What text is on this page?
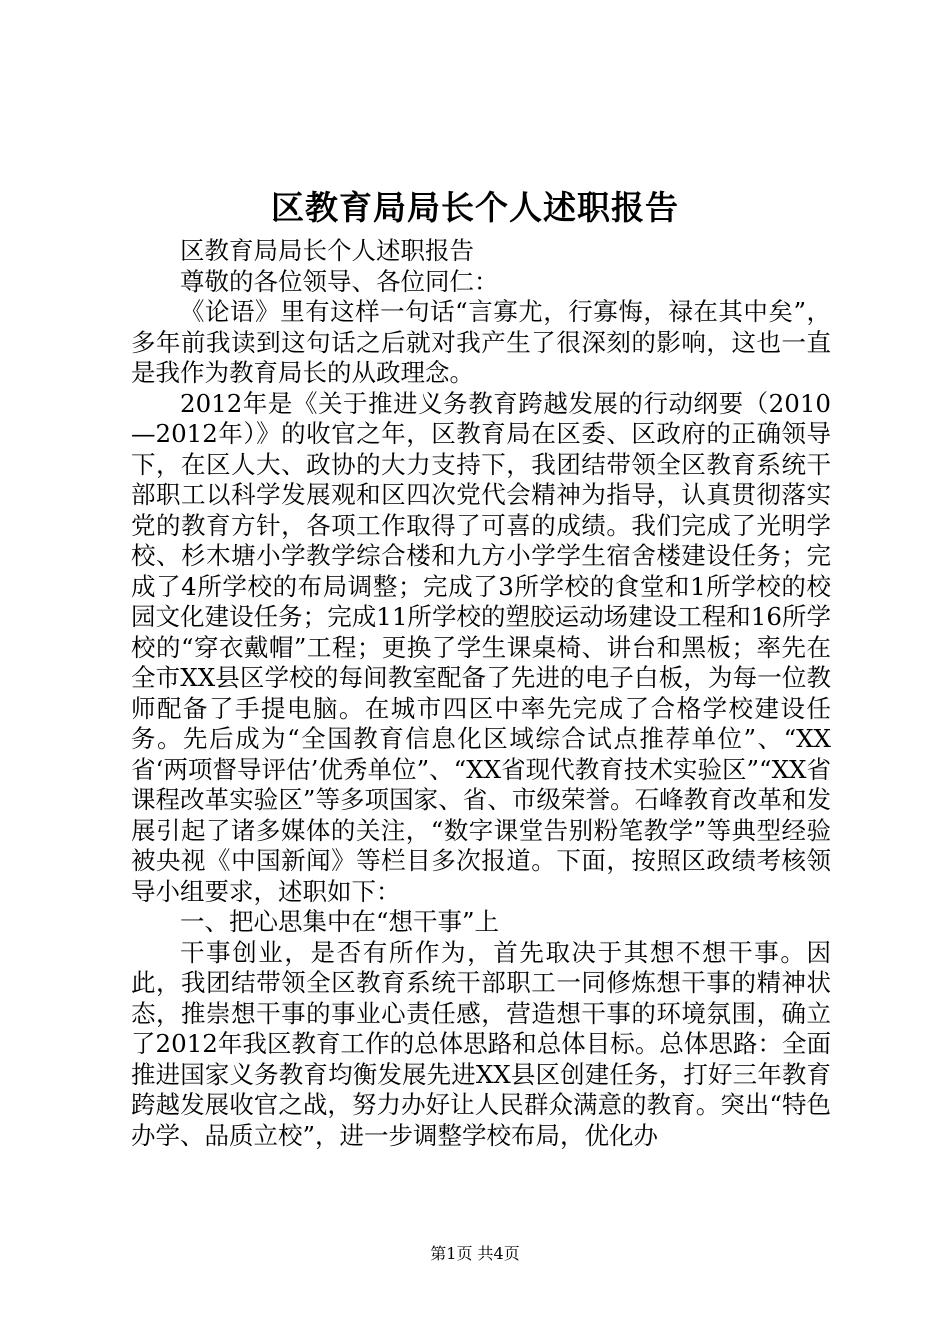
区教育局局长个人述职报告

区教育局局长个人述职报告

尊敬的各位领导、各位同仁：

《论语》里有这样一句话“言寡尤，行寡悔，禄在其中矣”，多年前我读到这句话之后就对我产生了很深刻的影响，这也一直是我作为教育局长的从政理念。

2012年是《关于推进义务教育跨越发展的行动纲要（2010—2012年）》的收官之年，区教育局在区委、区政府的正确领导下，在区人大、政协的大力支持下，我团结带领全区教育系统干部职工以科学发展观和区四次党代会精神为指导，认真贯彻落实党的教育方针，各项工作取得了可喜的成绩。我们完成了光明学校、杉木塘小学教学综合楼和九方小学学生宿舍楼建设任务；完成了4所学校的布局调整；完成了3所学校的食堂和1所学校的校园文化建设任务；完成11所学校的塑胶运动场建设工程和16所学校的“穿衣戴帽”工程；更换了学生课桌椅、讲台和黑板；率先在全市XX县区学校的每间教室配备了先进的电子白板，为每一位教师配备了手提电脑。在城市四区中率先完成了合格学校建设任务。先后成为“全国教育信息化区域综合试点推荐单位”、“XX省‘两项督导评估’优秀单位”、“XX省现代教育技术实验区”“XX省课程改革实验区”等多项国家、省、市级荣誉。石峰教育改革和发展引起了诸多媒体的关注，“数字课堂告别粉笔教学”等典型经验被央视《中国新闻》等栏目多次报道。下面，按照区政绩考核领导小组要求，述职如下：

一、把心思集中在“想干事”上

干事创业，是否有所作为，首先取决于其想不想干事。因此，我团结带领全区教育系统干部职工一同修炼想干事的精神状态，推崇想干事的事业心责任感，营造想干事的环境氛围，确立了2012年我区教育工作的总体思路和总体目标。总体思路：全面推进国家义务教育均衡发展先进XX县区创建任务，打好三年教育跨越发展收官之战，努力办好让人民群众满意的教育。突出“特色办学、品质立校”，进一步调整学校布局，优化办

第1页 共4页
